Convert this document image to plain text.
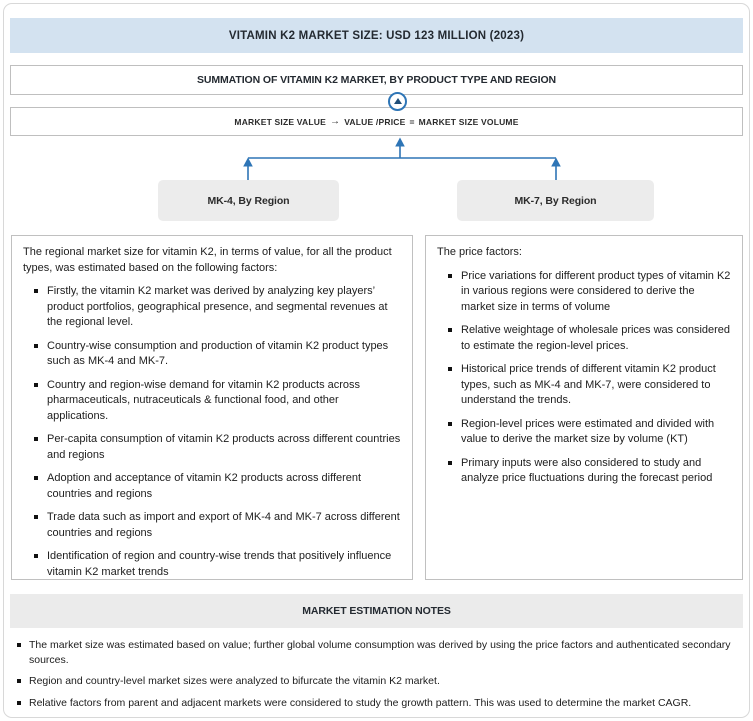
VITAMIN K2 MARKET SIZE: USD 123 MILLION (2023)
SUMMATION OF VITAMIN K2 MARKET, BY PRODUCT TYPE AND REGION
MARKET SIZE VALUE → VALUE /PRICE = MARKET SIZE VOLUME
MK-4, By Region	MK-7, By Region

The regional market size for vitamin K2, in terms of value, for all the product types, was estimated based on the following factors:

Firstly, the vitamin K2 market was derived by analyzing key players’ product portfolios, geographical presence, and segmental revenues at the regional level.
Country-wise consumption and production of vitamin K2 product types such as MK-4 and MK-7.
Country and region-wise demand for vitamin K2 products across pharmaceuticals, nutraceuticals & functional food, and other applications.
Per-capita consumption of vitamin K2 products across different countries and regions
Adoption and acceptance of vitamin K2 products across different countries and regions
Trade data such as import and export of MK-4 and MK-7 across different countries and regions
Identification of region and country-wise trends that positively influence vitamin K2 market trends

The price factors:

Price variations for different product types of vitamin K2 in various regions were considered to derive the market size in terms of volume
Relative weightage of wholesale prices was considered to estimate the region-level prices.
Historical price trends of different vitamin K2 product types, such as MK-4 and MK-7, were considered to understand the trends.
Region-level prices were estimated and divided with value to derive the market size by volume (KT)
Primary inputs were also considered to study and analyze price fluctuations during the forecast period
MARKET ESTIMATION NOTES
The market size was estimated based on value; further global volume consumption was derived by using the price factors and authenticated secondary sources.
Region and country-level market sizes were analyzed to bifurcate the vitamin K2 market.
Relative factors from parent and adjacent markets were considered to study the growth pattern. This was used to determine the market CAGR.
